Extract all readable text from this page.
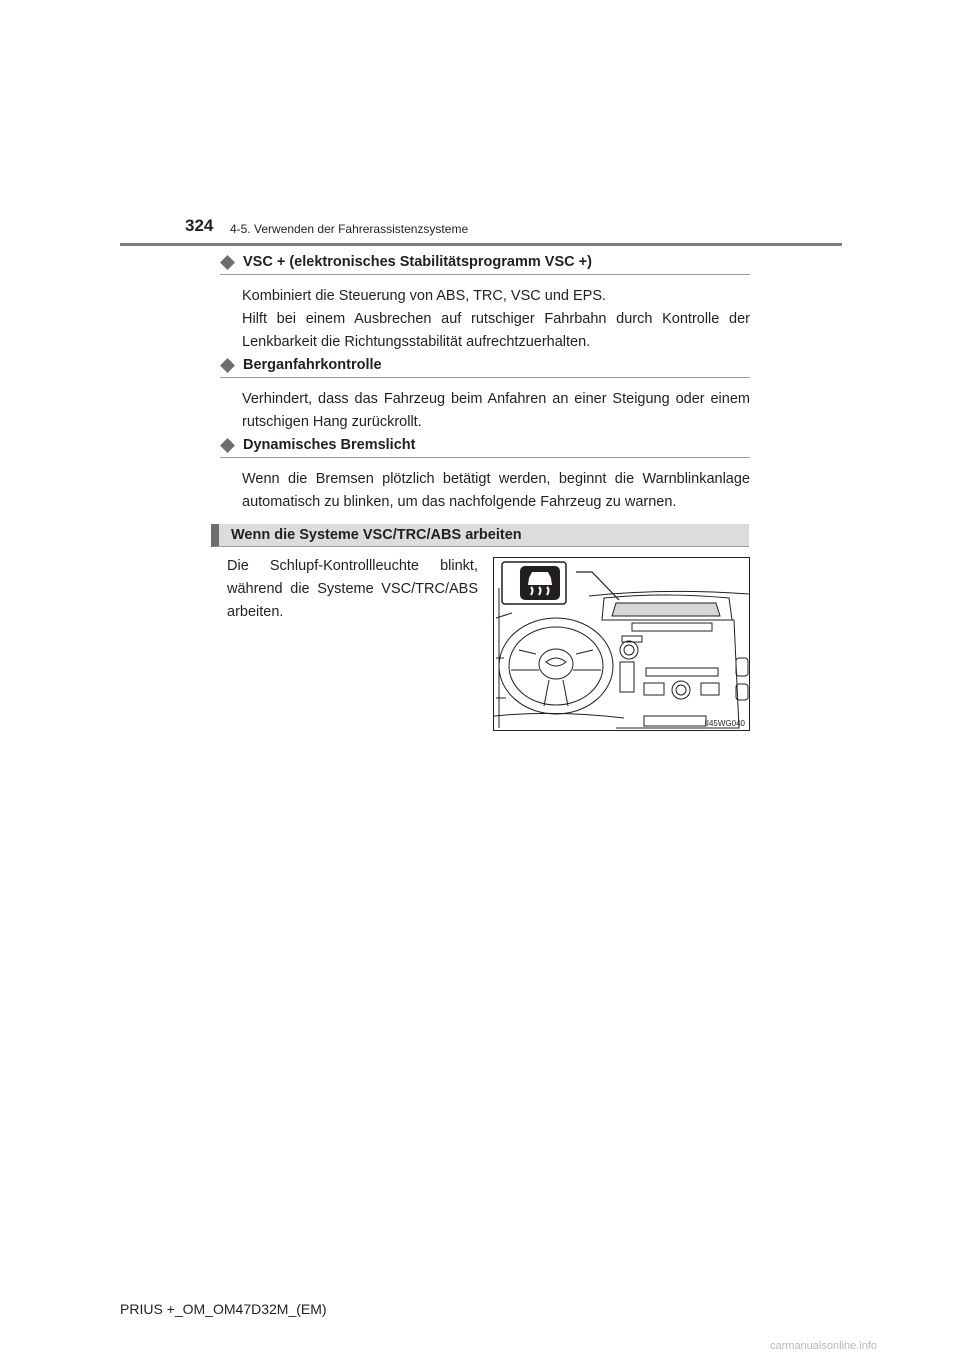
324 4-5. Verwenden der Fahrerassistenzsysteme
VSC + (elektronisches Stabilitätsprogramm VSC +)
Kombiniert die Steuerung von ABS, TRC, VSC und EPS.
Hilft bei einem Ausbrechen auf rutschiger Fahrbahn durch Kontrolle der Lenkbarkeit die Richtungsstabilität aufrechtzuerhalten.
Berganfahrkontrolle
Verhindert, dass das Fahrzeug beim Anfahren an einer Steigung oder einem rutschigen Hang zurückrollt.
Dynamisches Bremslicht
Wenn die Bremsen plötzlich betätigt werden, beginnt die Warnblinkanlage automatisch zu blinken, um das nachfolgende Fahrzeug zu warnen.
Wenn die Systeme VSC/TRC/ABS arbeiten
Die Schlupf-Kontrollleuchte blinkt, während die Systeme VSC/TRC/ABS arbeiten.
II45WG040
PRIUS +_OM_OM47D32M_(EM)
carmanualsonline.info
